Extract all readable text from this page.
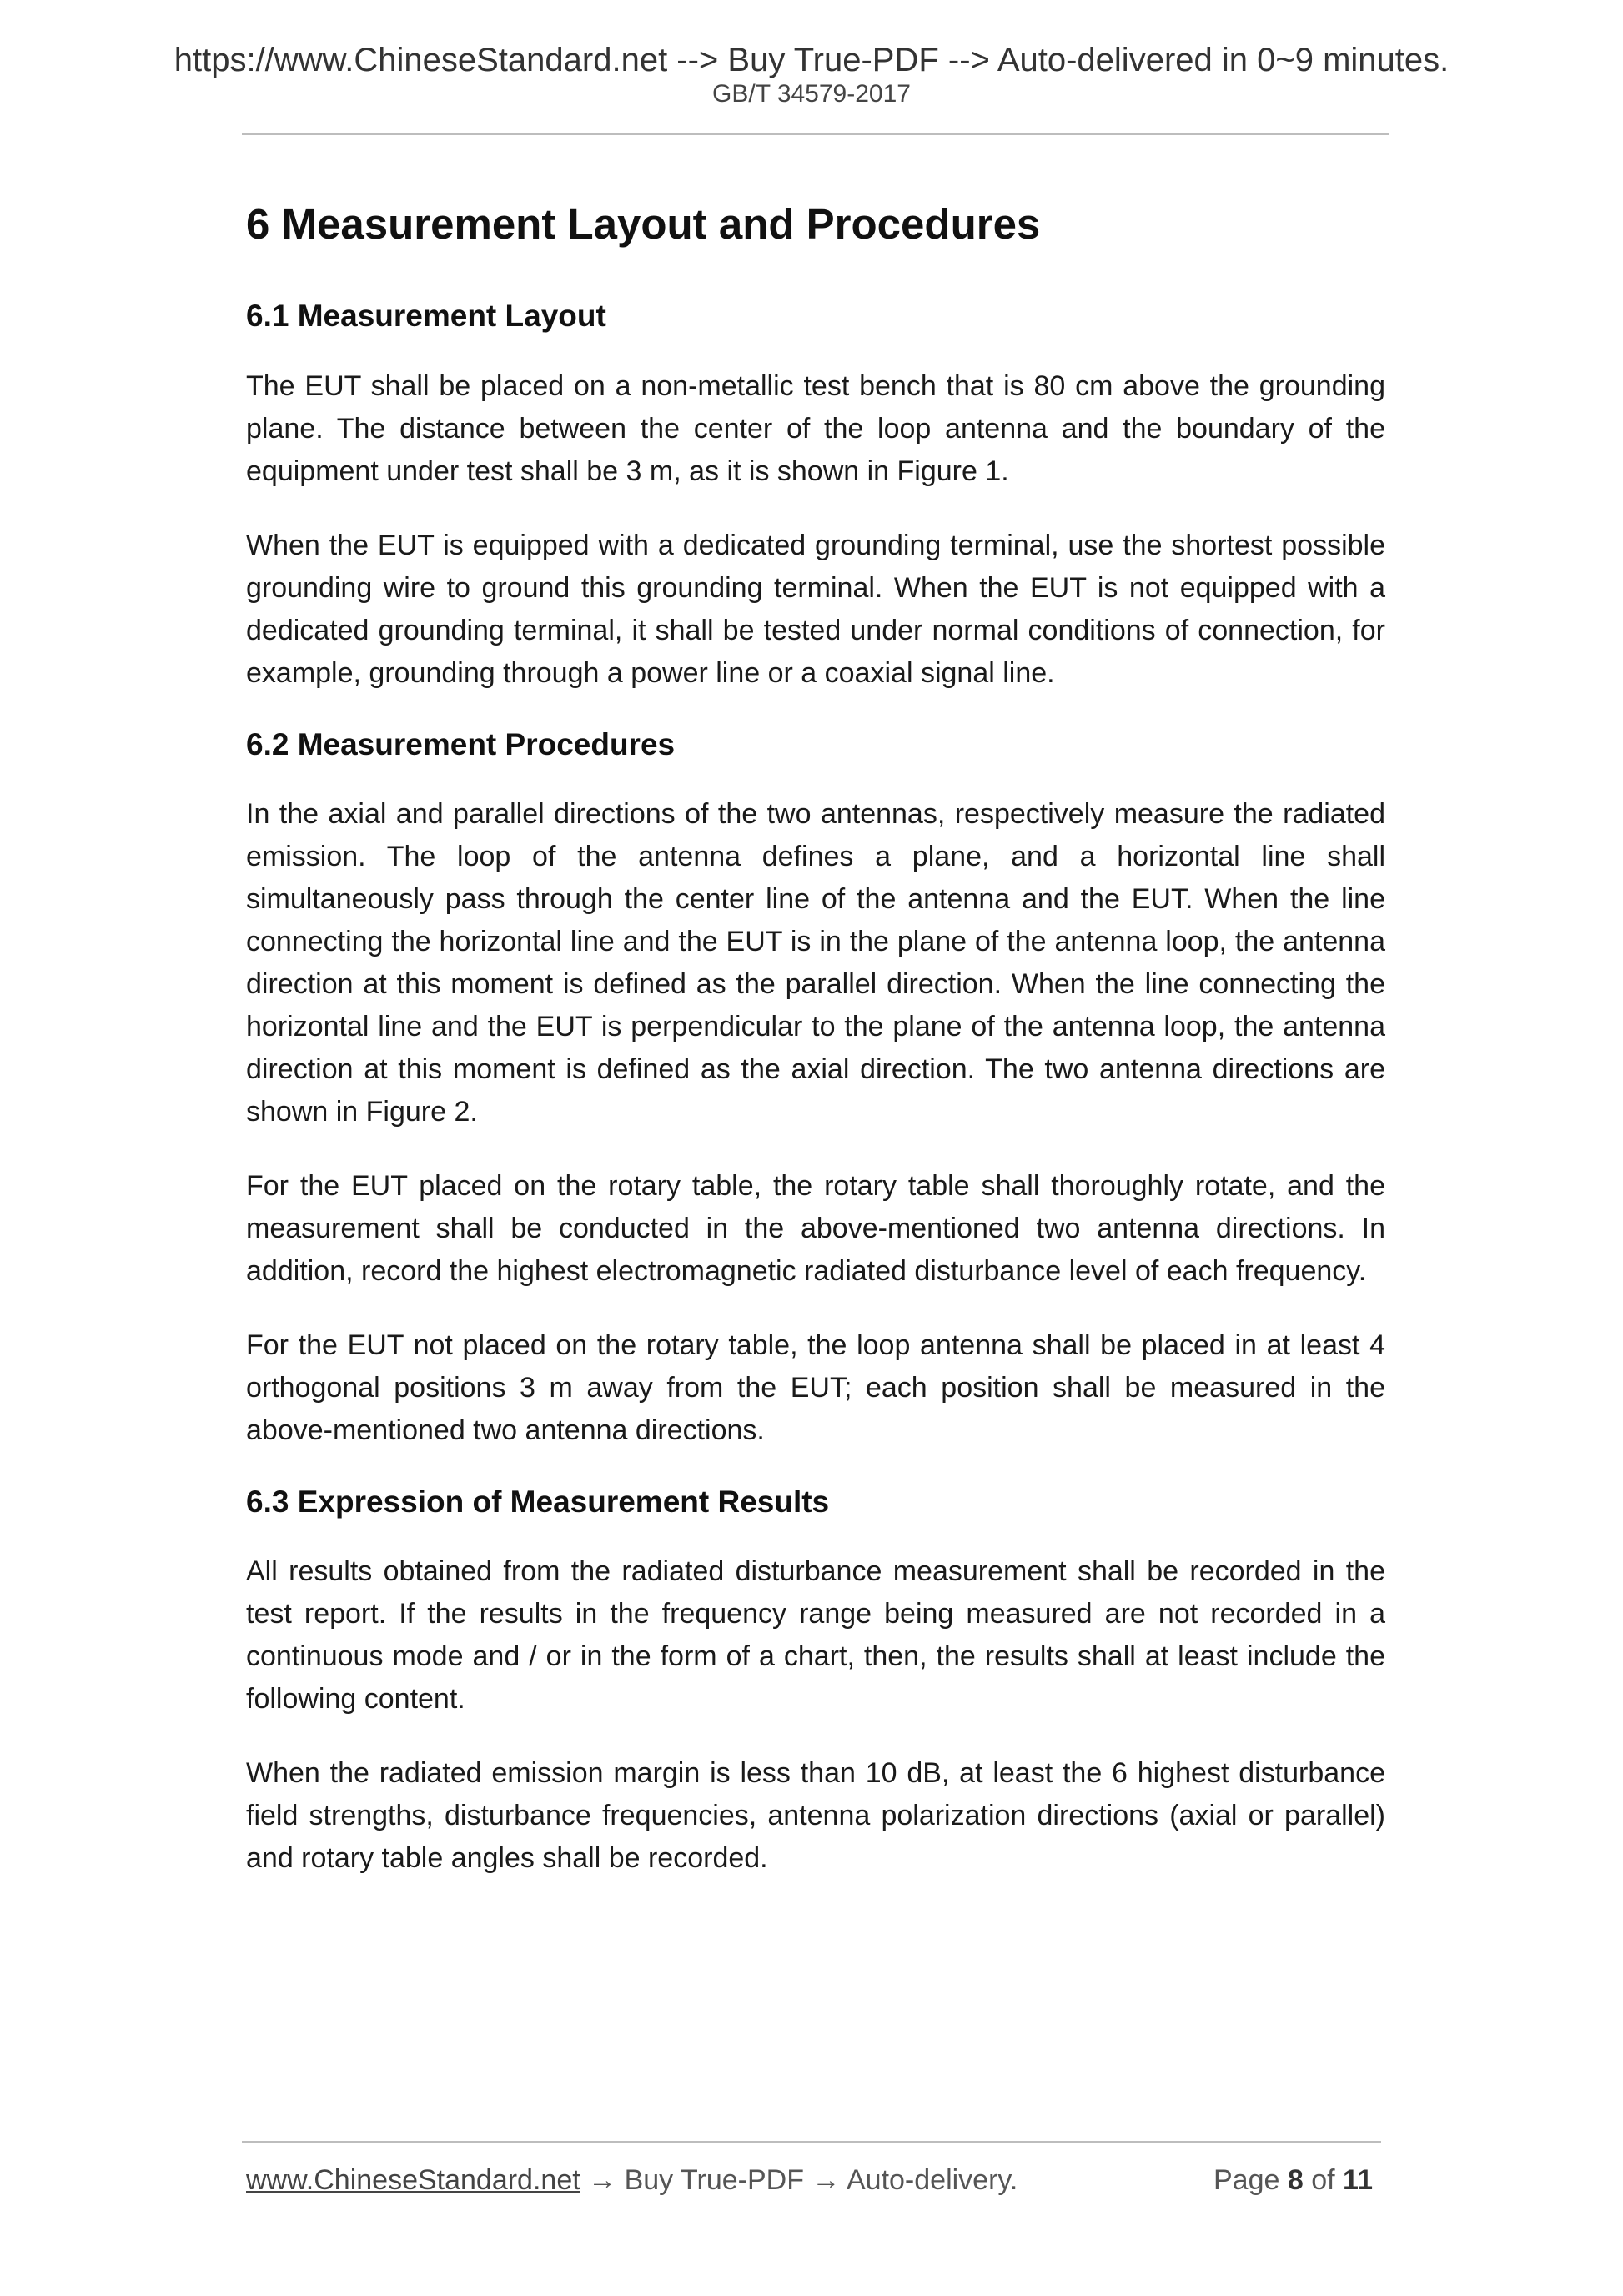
https://www.ChineseStandard.net --> Buy True-PDF --> Auto-delivered in 0~9 minutes.
GB/T 34579-2017
6 Measurement Layout and Procedures
6.1 Measurement Layout

The EUT shall be placed on a non-metallic test bench that is 80 cm above the grounding plane. The distance between the center of the loop antenna and the boundary of the equipment under test shall be 3 m, as it is shown in Figure 1.

When the EUT is equipped with a dedicated grounding terminal, use the shortest possible grounding wire to ground this grounding terminal. When the EUT is not equipped with a dedicated grounding terminal, it shall be tested under normal conditions of connection, for example, grounding through a power line or a coaxial signal line.

6.2 Measurement Procedures

In the axial and parallel directions of the two antennas, respectively measure the radiated emission. The loop of the antenna defines a plane, and a horizontal line shall simultaneously pass through the center line of the antenna and the EUT. When the line connecting the horizontal line and the EUT is in the plane of the antenna loop, the antenna direction at this moment is defined as the parallel direction. When the line connecting the horizontal line and the EUT is perpendicular to the plane of the antenna loop, the antenna direction at this moment is defined as the axial direction. The two antenna directions are shown in Figure 2.

For the EUT placed on the rotary table, the rotary table shall thoroughly rotate, and the measurement shall be conducted in the above-mentioned two antenna directions. In addition, record the highest electromagnetic radiated disturbance level of each frequency.

For the EUT not placed on the rotary table, the loop antenna shall be placed in at least 4 orthogonal positions 3 m away from the EUT; each position shall be measured in the above-mentioned two antenna directions.

6.3 Expression of Measurement Results

All results obtained from the radiated disturbance measurement shall be recorded in the test report. If the results in the frequency range being measured are not recorded in a continuous mode and / or in the form of a chart, then, the results shall at least include the following content.

When the radiated emission margin is less than 10 dB, at least the 6 highest disturbance field strengths, disturbance frequencies, antenna polarization directions (axial or parallel) and rotary table angles shall be recorded.

www.ChineseStandard.net → Buy True-PDF → Auto-delivery.	Page 8 of 11
